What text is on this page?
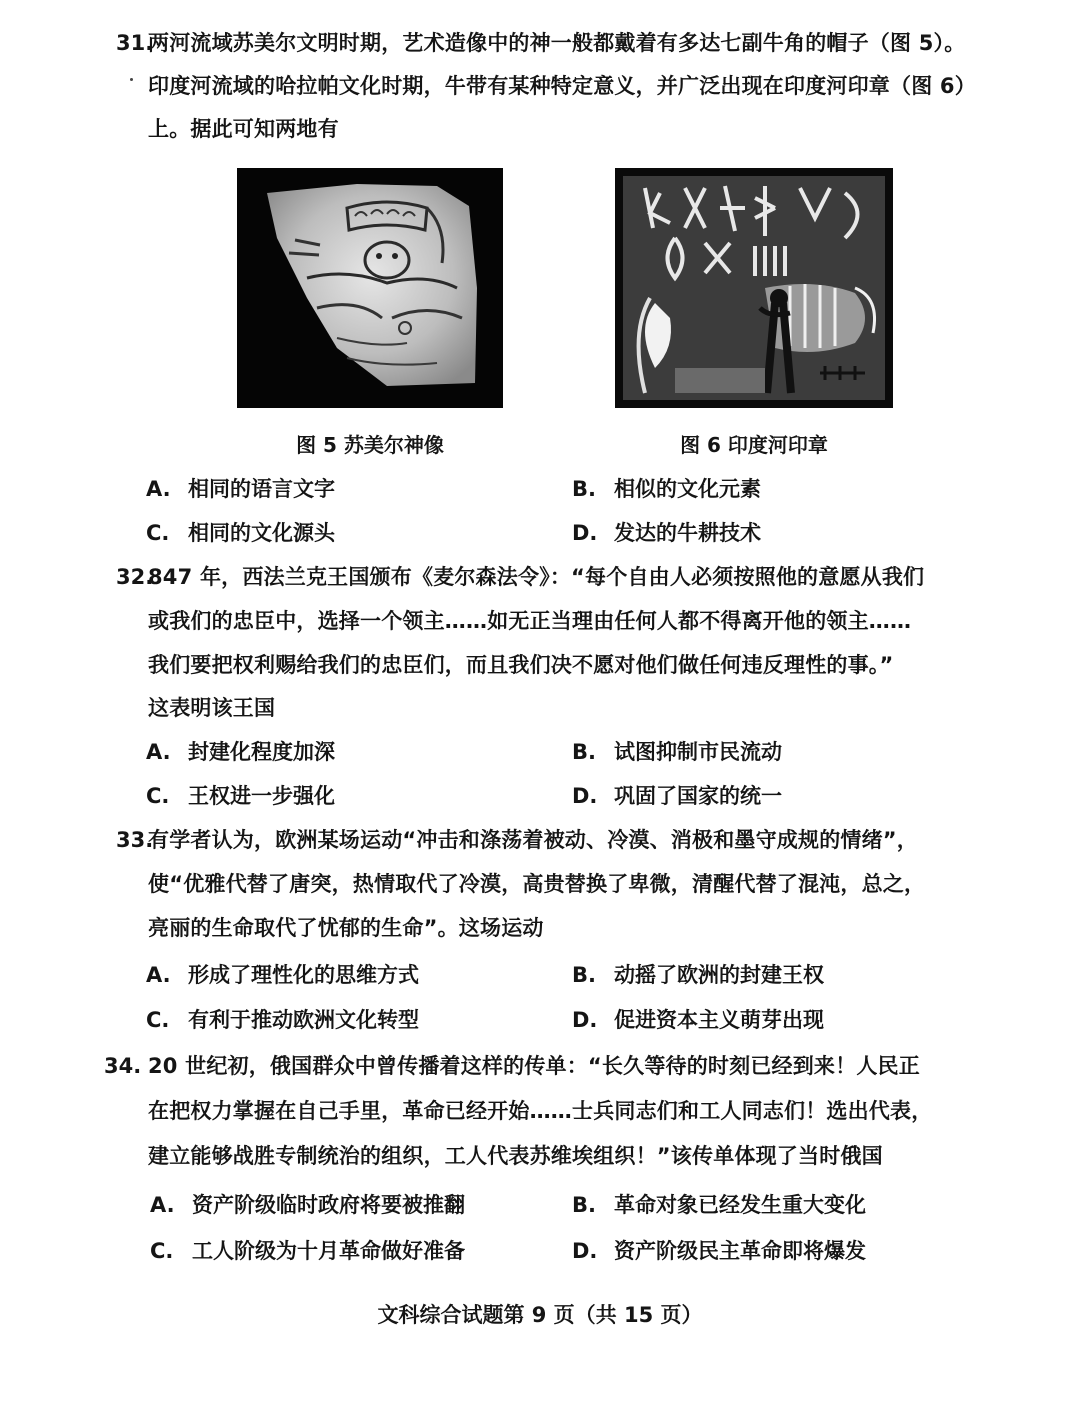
31.
两河流域苏美尔文明时期，艺术造像中的神一般都戴着有多达七副牛角的帽子（图 5）。
印度河流域的哈拉帕文化时期，牛带有某种特定意义，并广泛出现在印度河印章（图 6）
上。据此可知两地有
图 5 苏美尔神像	图 6 印度河印章
A. 相同的语言文字	B. 相似的文化元素
C. 相同的文化源头	D. 发达的牛耕技术
32.
847 年，西法兰克王国颁布《麦尔森法令》：“每个自由人必须按照他的意愿从我们
或我们的忠臣中，选择一个领主……如无正当理由任何人都不得离开他的领主……
我们要把权利赐给我们的忠臣们，而且我们决不愿对他们做任何违反理性的事。”
这表明该王国
A. 封建化程度加深	B. 试图抑制市民流动
C. 王权进一步强化	D. 巩固了国家的统一
33.
有学者认为，欧洲某场运动“冲击和涤荡着被动、冷漠、消极和墨守成规的情绪”，
使“优雅代替了唐突，热情取代了冷漠，高贵替换了卑微，清醒代替了混沌，总之，
亮丽的生命取代了忧郁的生命”。这场运动
A. 形成了理性化的思维方式	B. 动摇了欧洲的封建王权
C. 有利于推动欧洲文化转型	D. 促进资本主义萌芽出现
34. 20 世纪初，俄国群众中曾传播着这样的传单：“长久等待的时刻已经到来！人民正
在把权力掌握在自己手里，革命已经开始……士兵同志们和工人同志们！选出代表，
建立能够战胜专制统治的组织，工人代表苏维埃组织！”该传单体现了当时俄国
A. 资产阶级临时政府将要被推翻	B. 革命对象已经发生重大变化
C. 工人阶级为十月革命做好准备	D. 资产阶级民主革命即将爆发
文科综合试题第 9 页（共 15 页）
